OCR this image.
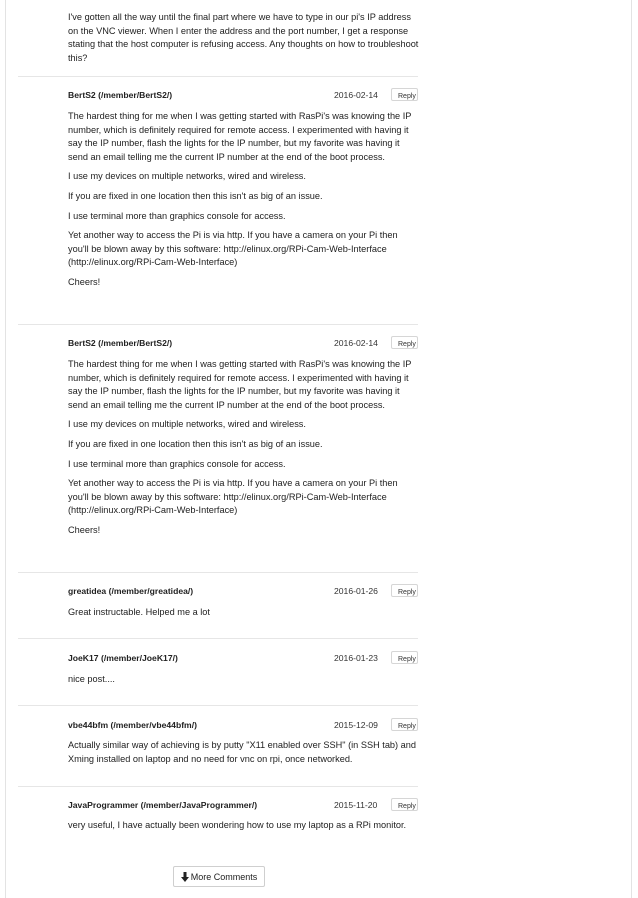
I've gotten all the way until the final part where we have to type in our pi's IP address on the VNC viewer. When I enter the address and the port number, I get a response stating that the host computer is refusing access. Any thoughts on how to troubleshoot this?

BertS2 (/member/BertS2/)	2016-02-14	Reply

The hardest thing for me when I was getting started with RasPi's was knowing the IP number, which is definitely required for remote access. I experimented with having it say the IP number, flash the lights for the IP number, but my favorite was having it send an email telling me the current IP number at the end of the boot process.

I use my devices on multiple networks, wired and wireless.

If you are fixed in one location then this isn't as big of an issue.

I use terminal more than graphics console for access.

Yet another way to access the Pi is via http. If you have a camera on your Pi then you'll be blown away by this software: http://elinux.org/RPi-Cam-Web-Interface (http://elinux.org/RPi-Cam-Web-Interface)

Cheers!

BertS2 (/member/BertS2/)	2016-02-14	Reply

The hardest thing for me when I was getting started with RasPi's was knowing the IP number, which is definitely required for remote access. I experimented with having it say the IP number, flash the lights for the IP number, but my favorite was having it send an email telling me the current IP number at the end of the boot process.

I use my devices on multiple networks, wired and wireless.

If you are fixed in one location then this isn't as big of an issue.

I use terminal more than graphics console for access.

Yet another way to access the Pi is via http. If you have a camera on your Pi then you'll be blown away by this software: http://elinux.org/RPi-Cam-Web-Interface (http://elinux.org/RPi-Cam-Web-Interface)

Cheers!

greatidea (/member/greatidea/)	2016-01-26	Reply

Great instructable. Helped me a lot

JoeK17 (/member/JoeK17/)	2016-01-23	Reply

nice post....

vbe44bfm (/member/vbe44bfm/)	2015-12-09	Reply

Actually similar way of achieving is by putty "X11 enabled over SSH" (in SSH tab) and Xming installed on laptop and no need for vnc on rpi, once networked.

JavaProgrammer (/member/JavaProgrammer/)	2015-11-20	Reply

very useful, I have actually been wondering how to use my laptop as a RPi monitor.

More Comments
